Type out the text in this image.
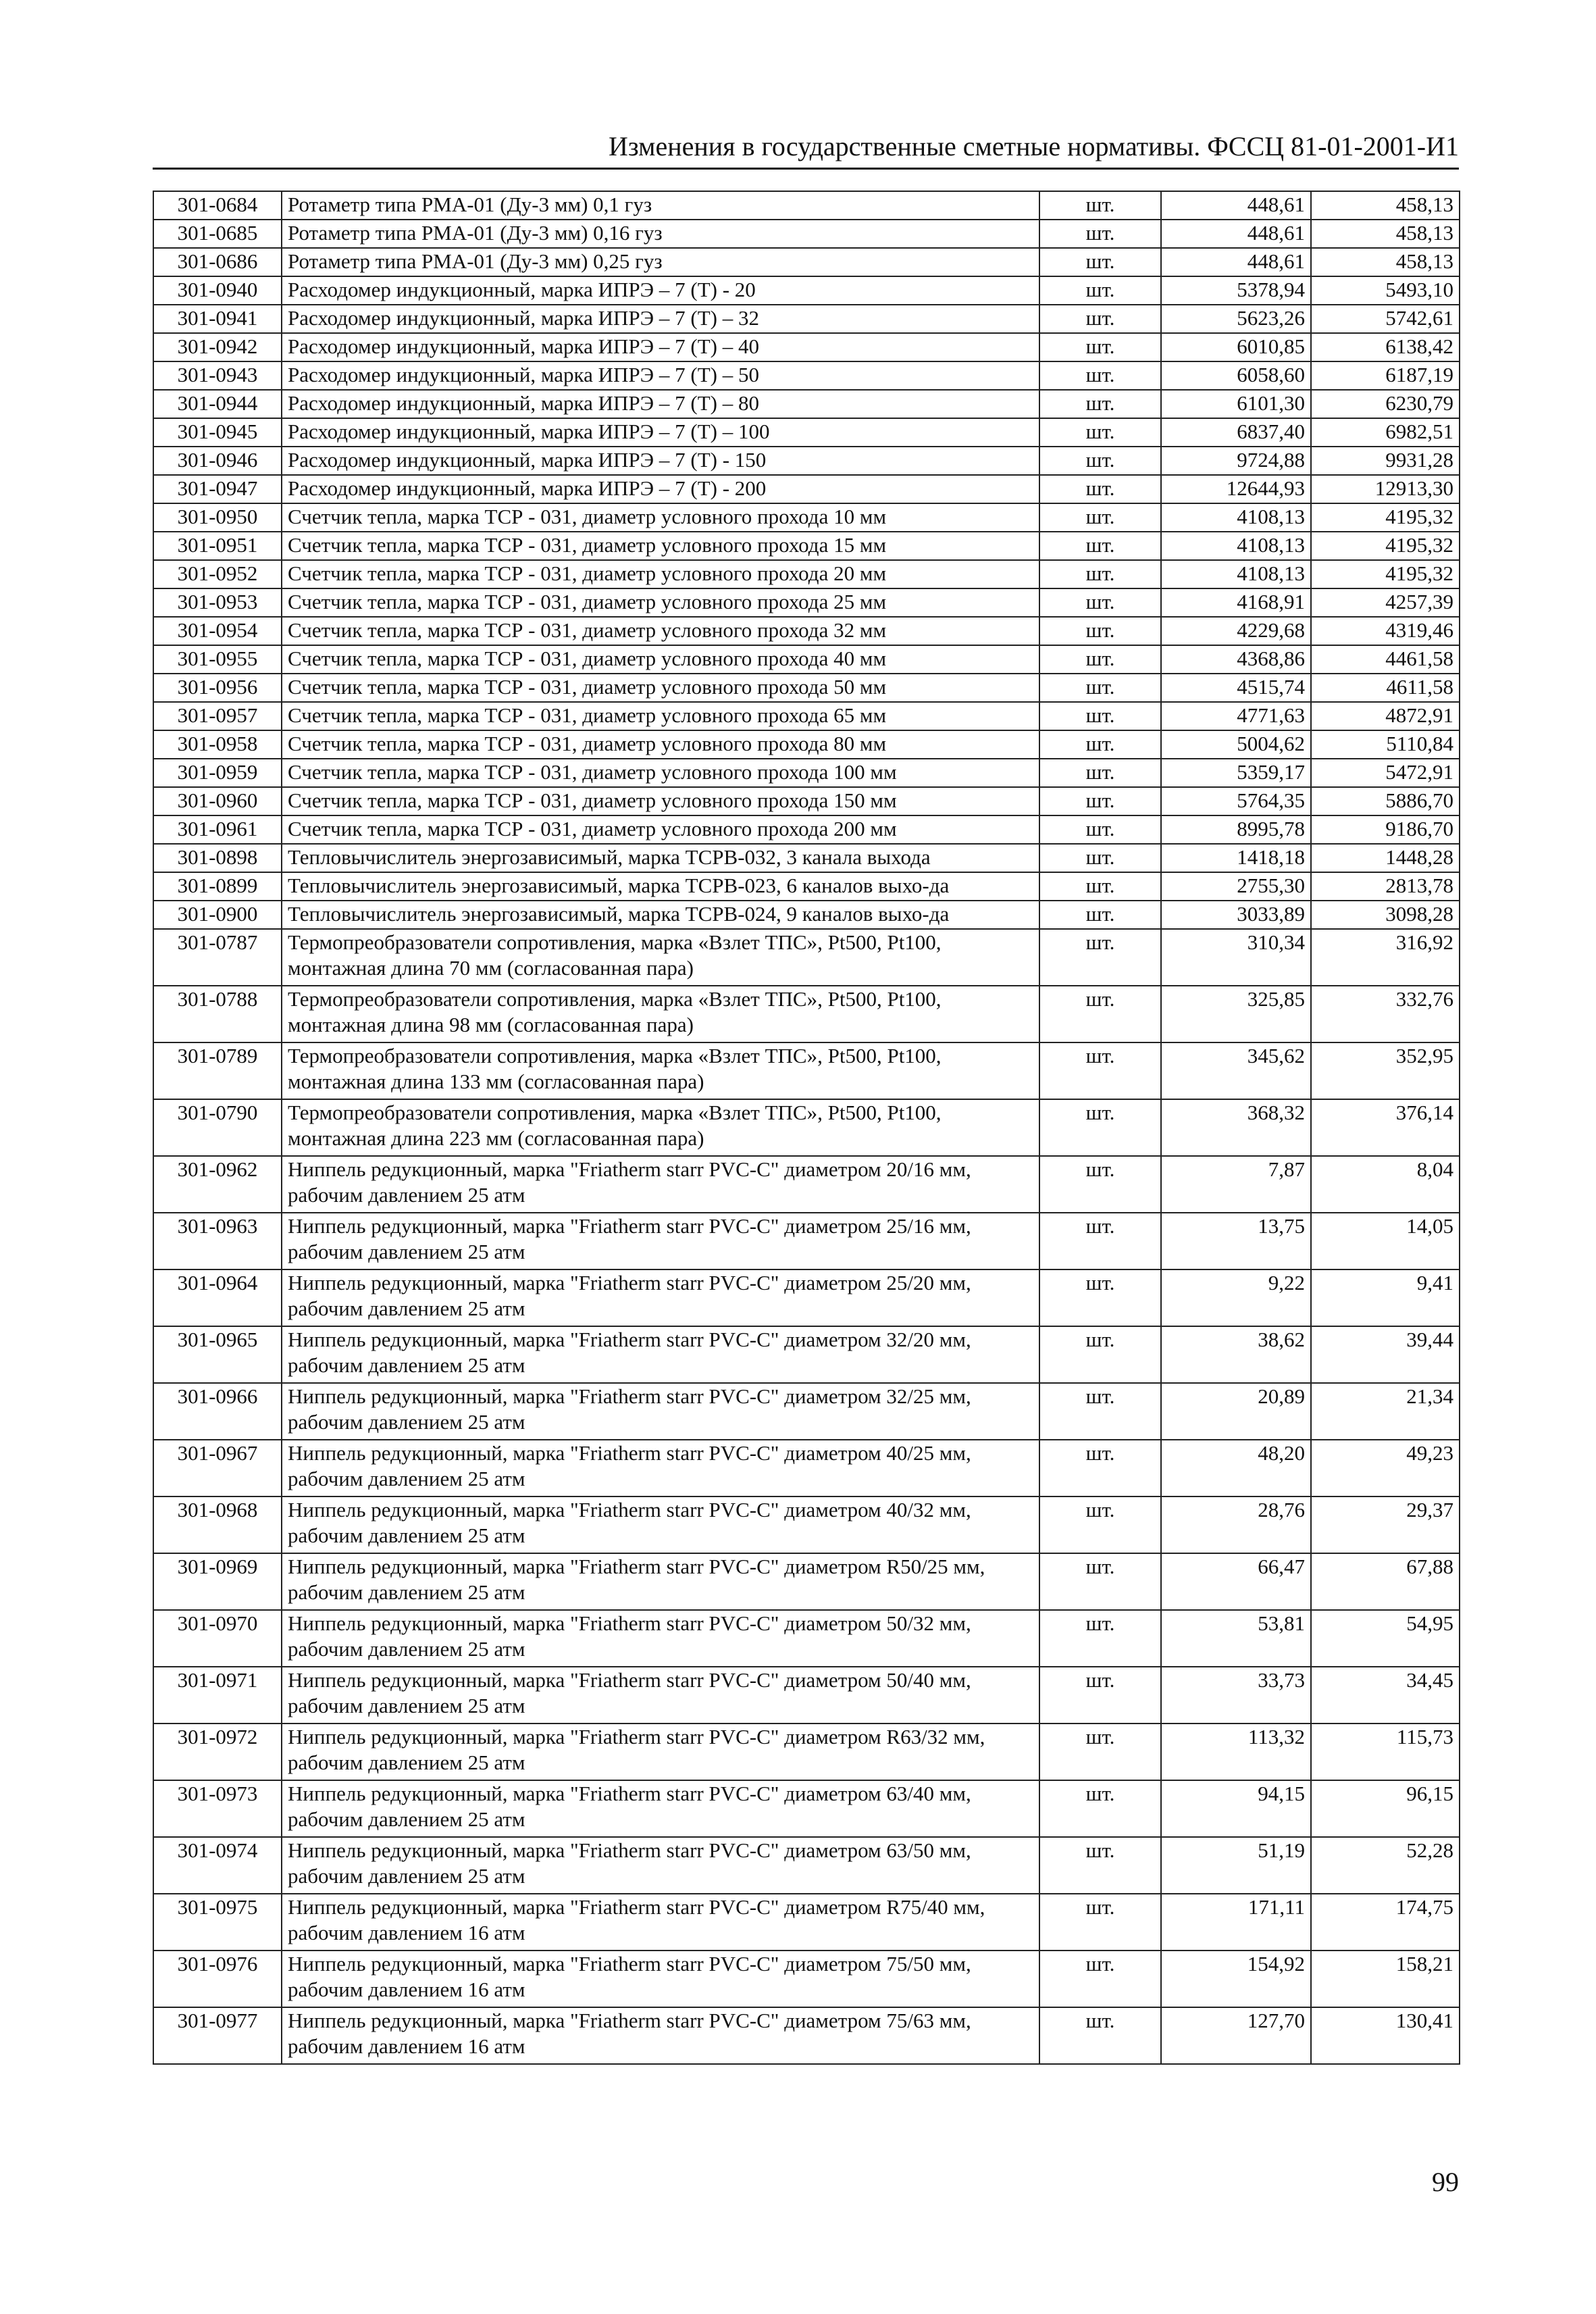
Изменения в государственные сметные нормативы. ФССЦ 81-01-2001-И1
301-0684	Ротаметр типа РМА-01 (Ду-3 мм) 0,1 гуз	шт.	448,61	458,13
301-0685	Ротаметр типа РМА-01 (Ду-3 мм) 0,16 гуз	шт.	448,61	458,13
301-0686	Ротаметр типа РМА-01 (Ду-3 мм) 0,25 гуз	шт.	448,61	458,13
301-0940	Расходомер индукционный, марка ИПРЭ – 7 (Т) - 20	шт.	5378,94	5493,10
301-0941	Расходомер индукционный, марка ИПРЭ – 7 (Т) – 32	шт.	5623,26	5742,61
301-0942	Расходомер индукционный, марка ИПРЭ – 7 (Т) – 40	шт.	6010,85	6138,42
301-0943	Расходомер индукционный, марка ИПРЭ – 7 (Т) – 50	шт.	6058,60	6187,19
301-0944	Расходомер индукционный, марка ИПРЭ – 7 (Т) – 80	шт.	6101,30	6230,79
301-0945	Расходомер индукционный, марка ИПРЭ – 7 (Т) – 100	шт.	6837,40	6982,51
301-0946	Расходомер индукционный, марка ИПРЭ – 7 (Т) - 150	шт.	9724,88	9931,28
301-0947	Расходомер индукционный, марка ИПРЭ – 7 (Т) - 200	шт.	12644,93	12913,30
301-0950	Счетчик тепла, марка ТСР - 031, диаметр условного прохода 10 мм	шт.	4108,13	4195,32
301-0951	Счетчик тепла, марка ТСР - 031, диаметр условного прохода 15 мм	шт.	4108,13	4195,32
301-0952	Счетчик тепла, марка ТСР - 031, диаметр условного прохода 20 мм	шт.	4108,13	4195,32
301-0953	Счетчик тепла, марка ТСР - 031, диаметр условного прохода 25 мм	шт.	4168,91	4257,39
301-0954	Счетчик тепла, марка ТСР - 031, диаметр условного прохода 32 мм	шт.	4229,68	4319,46
301-0955	Счетчик тепла, марка ТСР - 031, диаметр условного прохода 40 мм	шт.	4368,86	4461,58
301-0956	Счетчик тепла, марка ТСР - 031, диаметр условного прохода 50 мм	шт.	4515,74	4611,58
301-0957	Счетчик тепла, марка ТСР - 031, диаметр условного прохода 65 мм	шт.	4771,63	4872,91
301-0958	Счетчик тепла, марка ТСР - 031, диаметр условного прохода 80 мм	шт.	5004,62	5110,84
301-0959	Счетчик тепла, марка ТСР - 031, диаметр условного прохода 100 мм	шт.	5359,17	5472,91
301-0960	Счетчик тепла, марка ТСР - 031, диаметр условного прохода 150 мм	шт.	5764,35	5886,70
301-0961	Счетчик тепла, марка ТСР - 031, диаметр условного прохода 200 мм	шт.	8995,78	9186,70
301-0898	Тепловычислитель энергозависимый, марка ТСРВ-032, 3 канала выхода	шт.	1418,18	1448,28
301-0899	Тепловычислитель энергозависимый, марка ТСРВ-023, 6 каналов выхо-да	шт.	2755,30	2813,78
301-0900	Тепловычислитель энергозависимый, марка ТСРВ-024, 9 каналов выхо-да	шт.	3033,89	3098,28
301-0787	Термопреобразователи сопротивления, марка «Взлет ТПС», Pt500, Pt100, монтажная длина 70 мм (согласованная пара)	шт.	310,34	316,92
301-0788	Термопреобразователи сопротивления, марка «Взлет ТПС», Pt500, Pt100, монтажная длина 98 мм (согласованная пара)	шт.	325,85	332,76
301-0789	Термопреобразователи сопротивления, марка «Взлет ТПС», Pt500, Pt100, монтажная длина 133 мм (согласованная пара)	шт.	345,62	352,95
301-0790	Термопреобразователи сопротивления, марка «Взлет ТПС», Pt500, Pt100, монтажная длина 223 мм (согласованная пара)	шт.	368,32	376,14
301-0962	Ниппель редукционный, марка "Friatherm starr PVC-C" диаметром 20/16 мм, рабочим давлением 25 атм	шт.	7,87	8,04
301-0963	Ниппель редукционный, марка "Friatherm starr PVC-C" диаметром 25/16 мм, рабочим давлением 25 атм	шт.	13,75	14,05
301-0964	Ниппель редукционный, марка "Friatherm starr PVC-C" диаметром 25/20 мм, рабочим давлением 25 атм	шт.	9,22	9,41
301-0965	Ниппель редукционный, марка "Friatherm starr PVC-C" диаметром 32/20 мм, рабочим давлением 25 атм	шт.	38,62	39,44
301-0966	Ниппель редукционный, марка "Friatherm starr PVC-C" диаметром 32/25 мм, рабочим давлением 25 атм	шт.	20,89	21,34
301-0967	Ниппель редукционный, марка "Friatherm starr PVC-C" диаметром 40/25 мм, рабочим давлением 25 атм	шт.	48,20	49,23
301-0968	Ниппель редукционный, марка "Friatherm starr PVC-C" диаметром 40/32 мм, рабочим давлением 25 атм	шт.	28,76	29,37
301-0969	Ниппель редукционный, марка "Friatherm starr PVC-C" диаметром R50/25 мм, рабочим давлением 25 атм	шт.	66,47	67,88
301-0970	Ниппель редукционный, марка "Friatherm starr PVC-C" диаметром 50/32 мм, рабочим давлением 25 атм	шт.	53,81	54,95
301-0971	Ниппель редукционный, марка "Friatherm starr PVC-C" диаметром 50/40 мм, рабочим давлением 25 атм	шт.	33,73	34,45
301-0972	Ниппель редукционный, марка "Friatherm starr PVC-C" диаметром R63/32 мм, рабочим давлением 25 атм	шт.	113,32	115,73
301-0973	Ниппель редукционный, марка "Friatherm starr PVC-C" диаметром 63/40 мм, рабочим давлением 25 атм	шт.	94,15	96,15
301-0974	Ниппель редукционный, марка "Friatherm starr PVC-C" диаметром 63/50 мм, рабочим давлением 25 атм	шт.	51,19	52,28
301-0975	Ниппель редукционный, марка "Friatherm starr PVC-C" диаметром R75/40 мм, рабочим давлением 16 атм	шт.	171,11	174,75
301-0976	Ниппель редукционный, марка "Friatherm starr PVC-C" диаметром 75/50 мм, рабочим давлением 16 атм	шт.	154,92	158,21
301-0977	Ниппель редукционный, марка "Friatherm starr PVC-C" диаметром 75/63 мм, рабочим давлением 16 атм	шт.	127,70	130,41
99
